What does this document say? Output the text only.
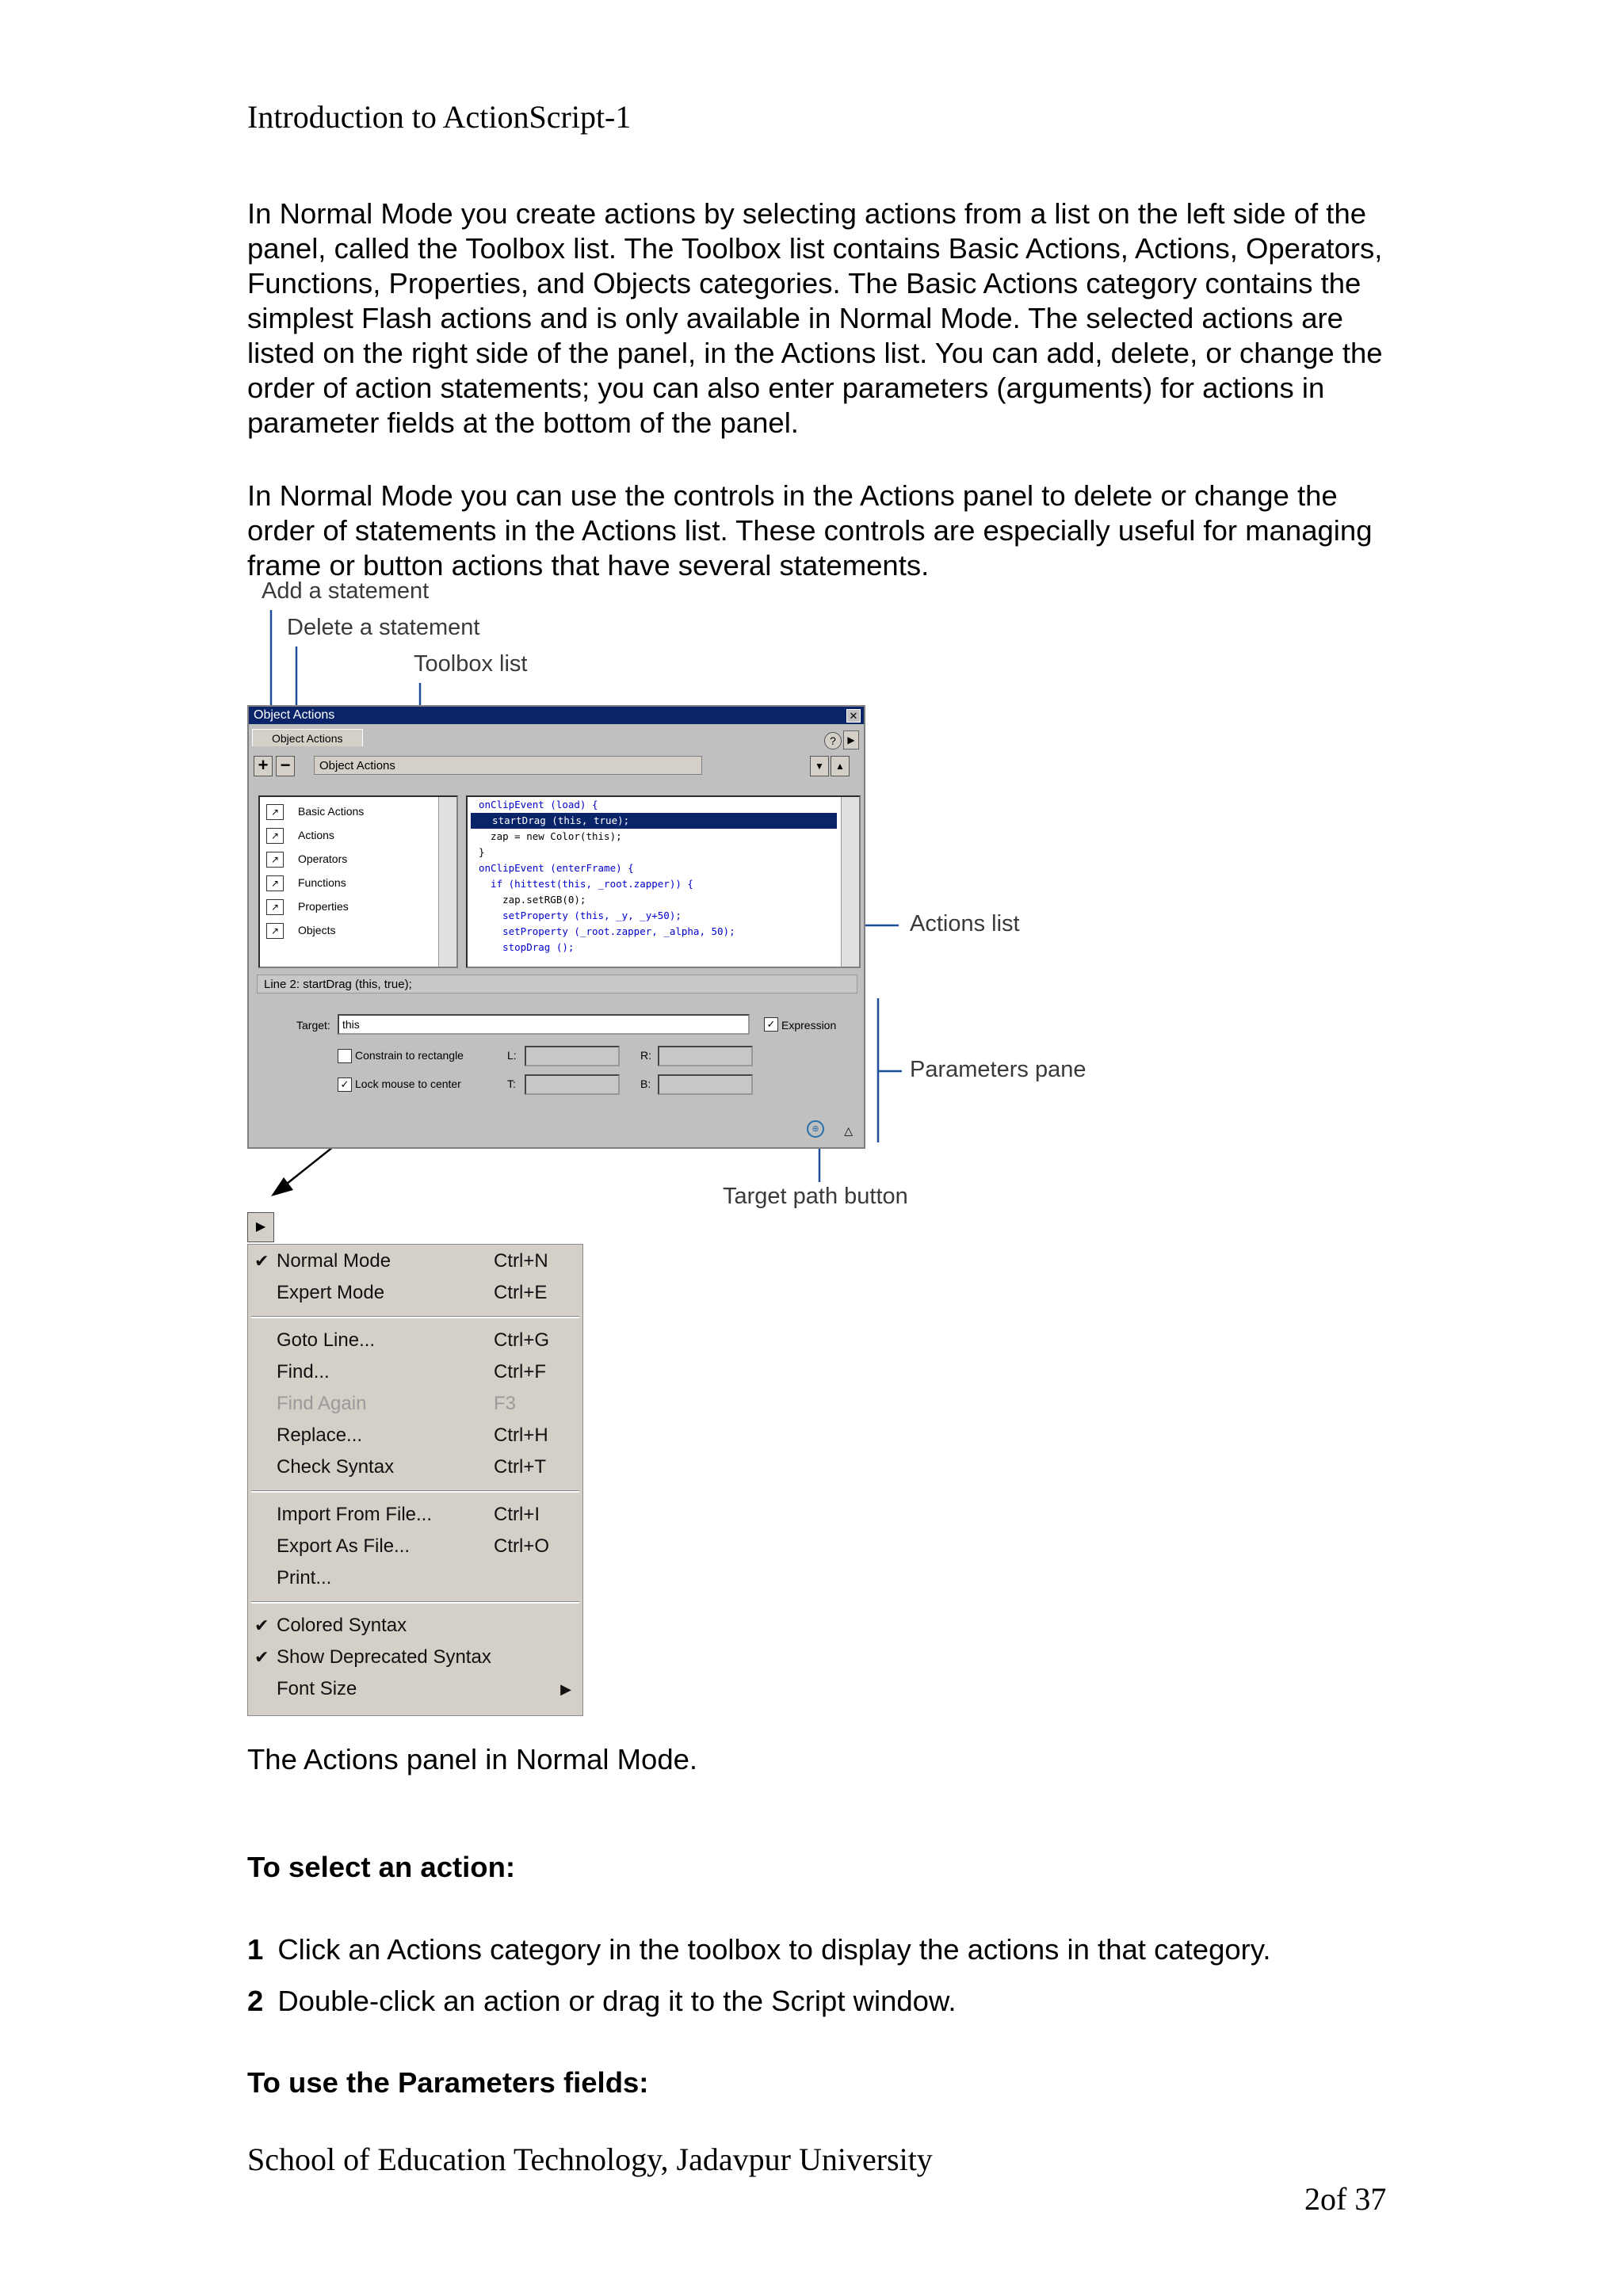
Introduction to ActionScript-1
In Normal Mode you create actions by selecting actions from a list on the left side of the panel, called the Toolbox list. The Toolbox list contains Basic Actions, Actions, Operators, Functions, Properties, and Objects categories. The Basic Actions category contains the simplest Flash actions and is only available in Normal Mode. The selected actions are listed on the right side of the panel, in the Actions list. You can add, delete, or change the order of action statements; you can also enter parameters (arguments) for actions in parameter fields at the bottom of the panel.
In Normal Mode you can use the controls in the Actions panel to delete or change the order of statements in the Actions list. These controls are especially useful for managing frame or button actions that have several statements.
Add a statement
Delete a statement
Toolbox list
Actions list
Parameters pane
Target path button
Object Actions	✕
Object Actions	?	▶
+ −	Object Actions	▼	▲
↗ Basic Actions
↗ Actions
↗ Operators
↗ Functions
↗ Properties
↗ Objects
onClipEvent (load) {
startDrag (this, true);
zap = new Color(this);
}
onClipEvent (enterFrame) {
if (hittest(this, _root.zapper)) {
zap.setRGB(0);
setProperty (this, _y, _y+50);
setProperty (_root.zapper, _alpha, 50);
stopDrag ();
Line 2: startDrag (this, true);
Target:	this	✓ Expression
Constrain to rectangle	L:	R:
✓ Lock mouse to center	T:	B:
⊕	△
▶
✔ Normal Mode	Ctrl+N
Expert Mode	Ctrl+E
Goto Line...	Ctrl+G
Find...	Ctrl+F
Find Again	F3
Replace...	Ctrl+H
Check Syntax	Ctrl+T
Import From File...	Ctrl+I
Export As File...	Ctrl+O
Print...
✔ Colored Syntax
✔ Show Deprecated Syntax
Font Size	▶
The Actions panel in Normal Mode.
To select an action:
1 Click an Actions category in the toolbox to display the actions in that category.
2 Double-click an action or drag it to the Script window.
To use the Parameters fields:
School of Education Technology, Jadavpur University
2of 37
